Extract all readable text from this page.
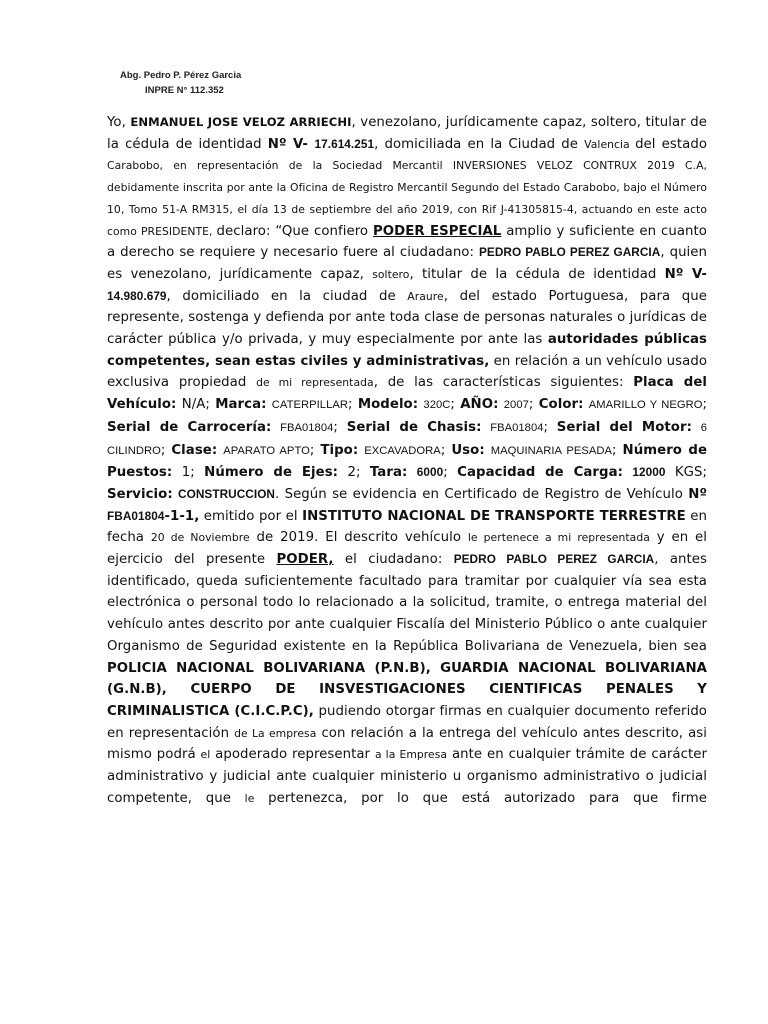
Abg. Pedro P. Pérez Garcia
INPRE N° 112.352
Yo, ENMANUEL JOSE VELOZ ARRIECHI, venezolano, jurídicamente capaz, soltero, titular de la cédula de identidad Nº V- 17.614.251, domiciliada en la Ciudad de Valencia del estado Carabobo, en representación de la Sociedad Mercantil INVERSIONES VELOZ CONTRUX 2019 C.A, debidamente inscrita por ante la Oficina de Registro Mercantil Segundo del Estado Carabobo, bajo el Número 10, Tomo 51-A RM315, el día 13 de septiembre del año 2019, con Rif J-41305815-4, actuando en este acto como PRESIDENTE, declaro: “Que confiero PODER ESPECIAL amplio y suficiente en cuanto a derecho se requiere y necesario fuere al ciudadano: PEDRO PABLO PEREZ GARCIA, quien es venezolano, jurídicamente capaz, soltero, titular de la cédula de identidad Nº V- 14.980.679, domiciliado en la ciudad de Araure, del estado Portuguesa, para que represente, sostenga y defienda por ante toda clase de personas naturales o jurídicas de carácter pública y/o privada, y muy especialmente por ante las autoridades públicas competentes, sean estas civiles y administrativas, en relación a un vehículo usado exclusiva propiedad de mi representada, de las características siguientes: Placa del Vehículo: N/A; Marca: CATERPILLAR; Modelo: 320C; AÑO: 2007; Color: AMARILLO Y NEGRO; Serial de Carrocería: FBA01804; Serial de Chasis: FBA01804; Serial del Motor: 6 CILINDRO; Clase: APARATO APTO; Tipo: EXCAVADORA; Uso: MAQUINARIA PESADA; Número de Puestos: 1; Número de Ejes: 2; Tara: 6000; Capacidad de Carga: 12000 KGS; Servicio: CONSTRUCCION. Según se evidencia en Certificado de Registro de Vehículo Nº FBA01804-1-1, emitido por el INSTITUTO NACIONAL DE TRANSPORTE TERRESTRE en fecha 20 de Noviembre de 2019. El descrito vehículo le pertenece a mi representada y en el ejercicio del presente PODER, el ciudadano: PEDRO PABLO PEREZ GARCIA, antes identificado, queda suficientemente facultado para tramitar por cualquier vía sea esta electrónica o personal todo lo relacionado a la solicitud, tramite, o entrega material del vehículo antes descrito por ante cualquier Fiscalía del Ministerio Público o ante cualquier Organismo de Seguridad existente en la República Bolivariana de Venezuela, bien sea POLICIA NACIONAL BOLIVARIANA (P.N.B), GUARDIA NACIONAL BOLIVARIANA (G.N.B), CUERPO DE INSVESTIGACIONES CIENTIFICAS PENALES Y CRIMINALISTICA (C.I.C.P.C), pudiendo otorgar firmas en cualquier documento referido en representación de La empresa con relación a la entrega del vehículo antes descrito, asi mismo podrá el apoderado representar a la Empresa ante en cualquier trámite de carácter administrativo y judicial ante cualquier ministerio u organismo administrativo o judicial competente, que le pertenezca, por lo que está autorizado para que firme
